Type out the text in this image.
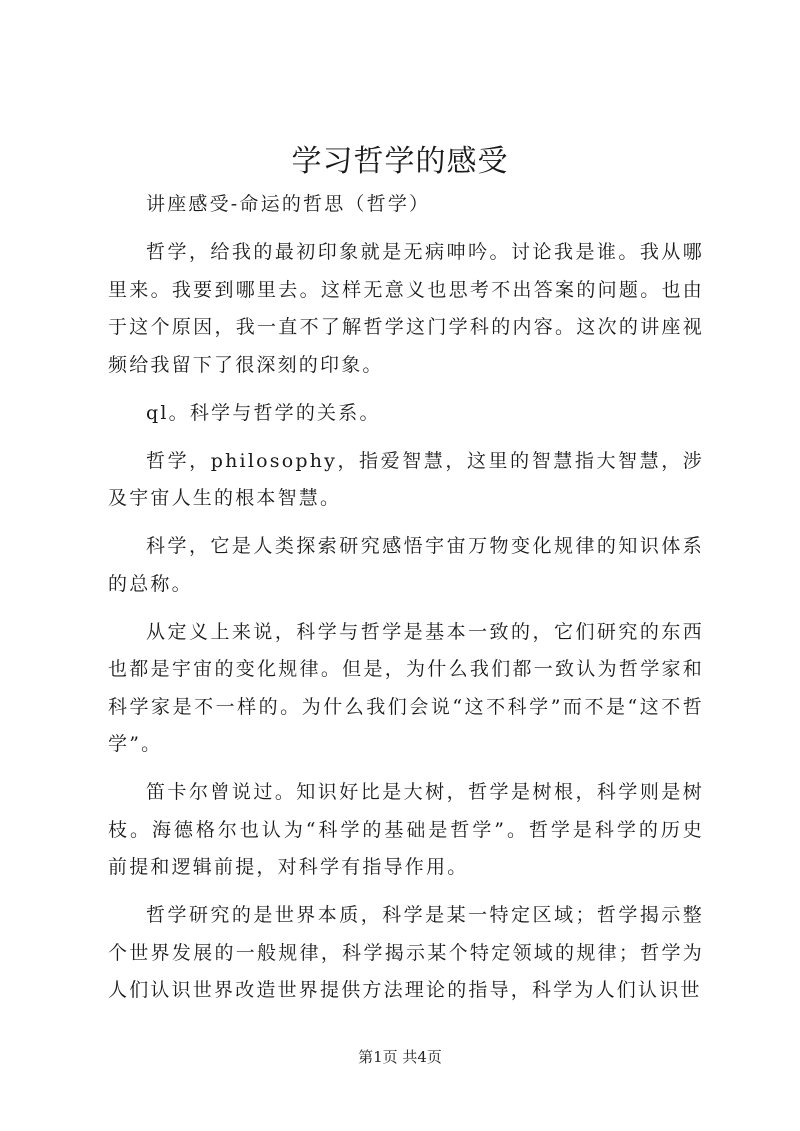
学习哲学的感受

讲座感受-命运的哲思（哲学）

哲学，给我的最初印象就是无病呻吟。讨论我是谁。我从哪里来。我要到哪里去。这样无意义也思考不出答案的问题。也由于这个原因，我一直不了解哲学这门学科的内容。这次的讲座视频给我留下了很深刻的印象。

ql。科学与哲学的关系。

哲学，philosophy，指爱智慧，这里的智慧指大智慧，涉及宇宙人生的根本智慧。

科学，它是人类探索研究感悟宇宙万物变化规律的知识体系的总称。

从定义上来说，科学与哲学是基本一致的，它们研究的东西也都是宇宙的变化规律。但是，为什么我们都一致认为哲学家和科学家是不一样的。为什么我们会说“这不科学”而不是“这不哲学”。

笛卡尔曾说过。知识好比是大树，哲学是树根，科学则是树枝。海德格尔也认为“科学的基础是哲学”。哲学是科学的历史前提和逻辑前提，对科学有指导作用。

哲学研究的是世界本质，科学是某一特定区域；哲学揭示整个世界发展的一般规律，科学揭示某个特定领域的规律；哲学为人们认识世界改造世界提供方法理论的指导，科学为人们认识世

第1页 共4页
